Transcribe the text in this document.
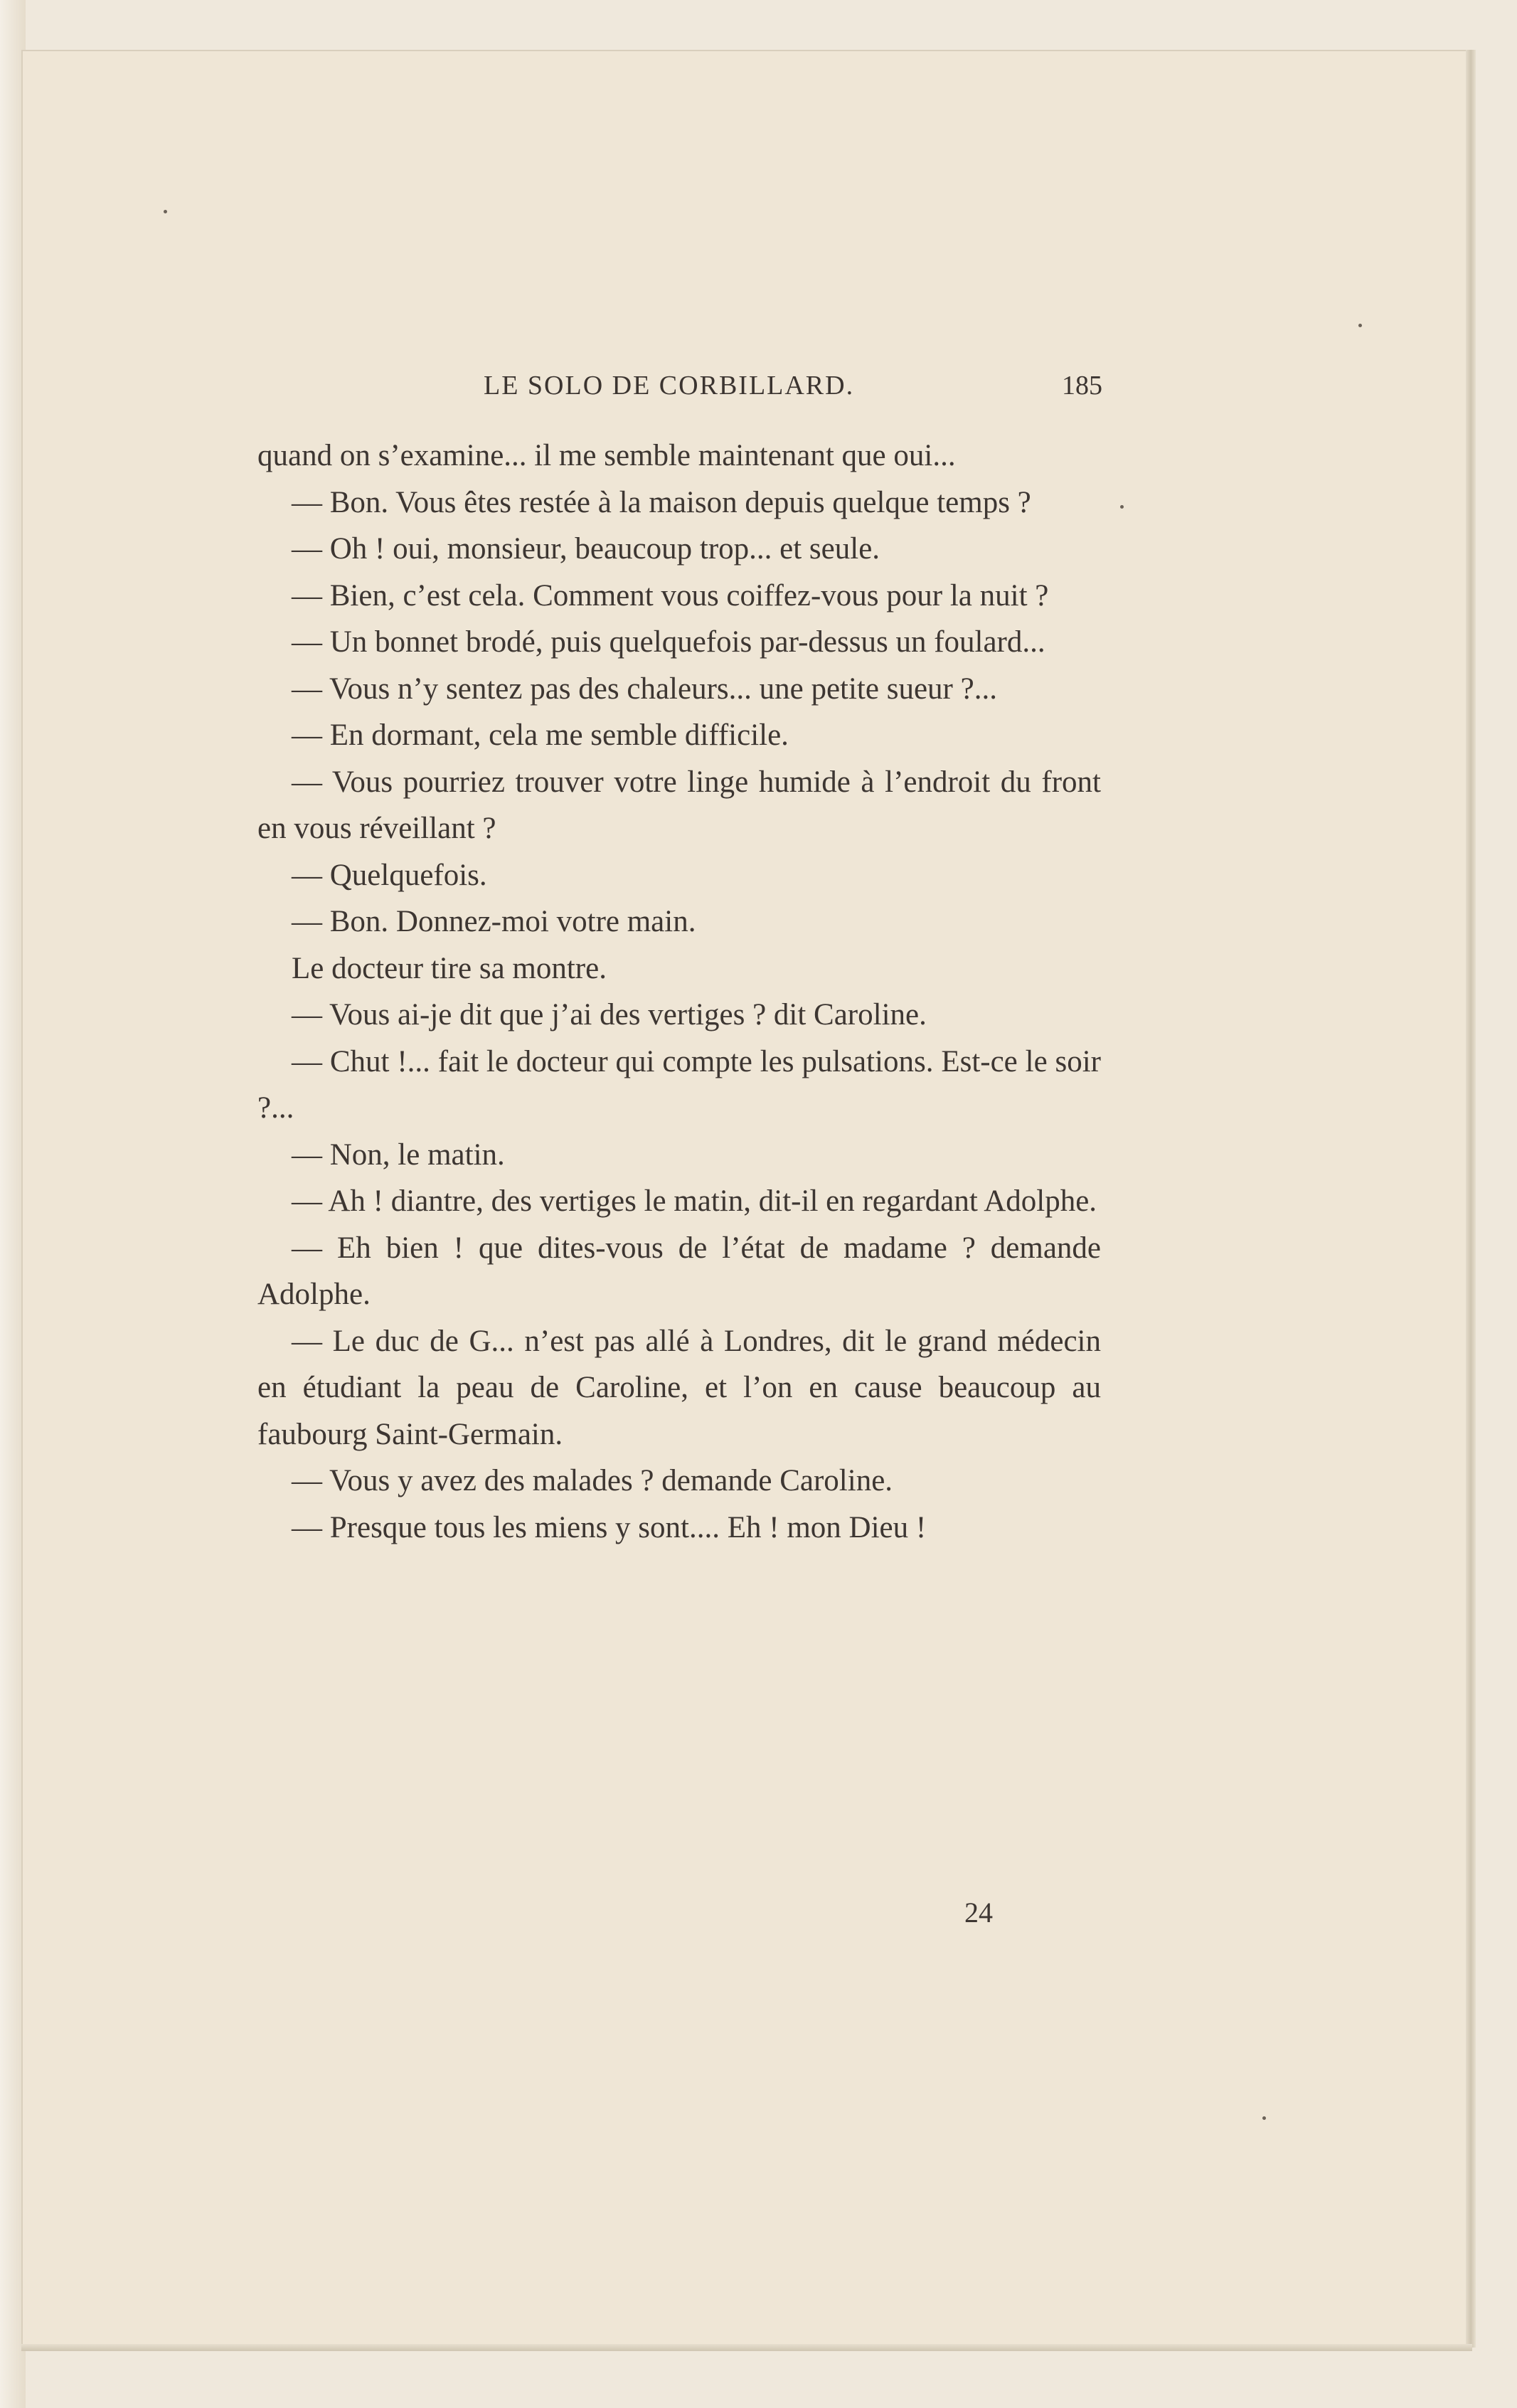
LE SOLO DE CORBILLARD.	185

quand on s’examine... il me semble maintenant que oui...

— Bon. Vous êtes restée à la maison depuis quelque temps ?

— Oh ! oui, monsieur, beaucoup trop... et seule.

— Bien, c’est cela. Comment vous coiffez-vous pour la nuit ?

— Un bonnet brodé, puis quelquefois par-dessus un foulard...

— Vous n’y sentez pas des chaleurs... une petite sueur ?...

— En dormant, cela me semble difficile.

— Vous pourriez trouver votre linge humide à l’endroit du front en vous réveillant ?

— Quelquefois.

— Bon. Donnez-moi votre main.

Le docteur tire sa montre.

— Vous ai-je dit que j’ai des vertiges ? dit Caroline.

— Chut !... fait le docteur qui compte les pulsations. Est-ce le soir ?...

— Non, le matin.

— Ah ! diantre, des vertiges le matin, dit-il en regardant Adolphe.

— Eh bien ! que dites-vous de l’état de madame ? demande Adolphe.

— Le duc de G... n’est pas allé à Londres, dit le grand médecin en étudiant la peau de Caroline, et l’on en cause beaucoup au faubourg Saint-Germain.

— Vous y avez des malades ? demande Caroline.

— Presque tous les miens y sont.... Eh ! mon Dieu !

24
